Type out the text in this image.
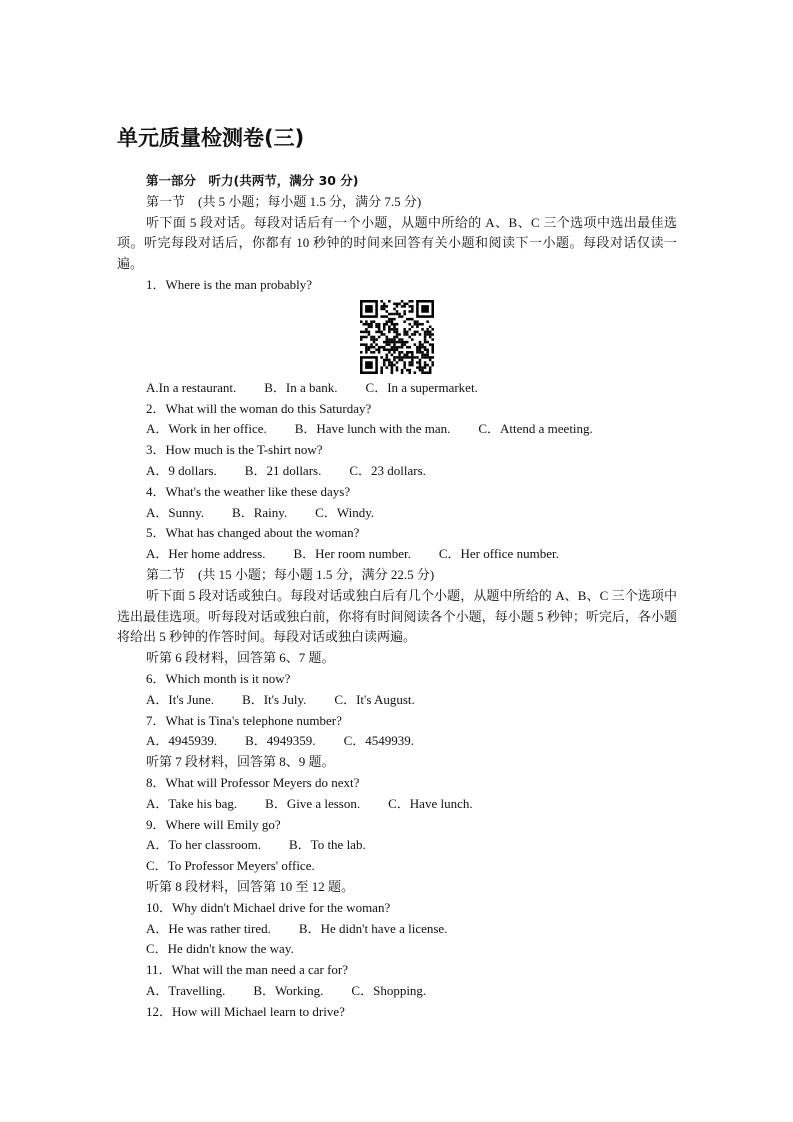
单元质量检测卷(三)
第一部分　听力(共两节，满分 30 分)
第一节　(共 5 小题；每小题 1.5 分，满分 7.5 分)
听下面 5 段对话。每段对话后有一个小题，从题中所给的 A、B、C 三个选项中选出最佳选项。听完每段对话后，你都有 10 秒钟的时间来回答有关小题和阅读下一小题。每段对话仅读一遍。
1．Where is the man probably?
A.In a restaurant. B．In a bank. C．In a supermarket.
2．What will the woman do this Saturday?
A．Work in her office. B．Have lunch with the man. C．Attend a meeting.
3．How much is the T-shirt now?
A．9 dollars. B．21 dollars. C．23 dollars.
4．What's the weather like these days?
A．Sunny. B．Rainy. C．Windy.
5．What has changed about the woman?
A．Her home address. B．Her room number. C．Her office number.
第二节　(共 15 小题；每小题 1.5 分，满分 22.5 分)
听下面 5 段对话或独白。每段对话或独白后有几个小题，从题中所给的 A、B、C 三个选项中选出最佳选项。听每段对话或独白前，你将有时间阅读各个小题，每小题 5 秒钟；听完后，各小题将给出 5 秒钟的作答时间。每段对话或独白读两遍。
听第 6 段材料，回答第 6、7 题。
6．Which month is it now?
A．It's June. B．It's July. C．It's August.
7．What is Tina's telephone number?
A．4945939. B．4949359. C．4549939.
听第 7 段材料，回答第 8、9 题。
8．What will Professor Meyers do next?
A．Take his bag. B．Give a lesson. C．Have lunch.
9．Where will Emily go?
A．To her classroom. B．To the lab.
C．To Professor Meyers' office.
听第 8 段材料，回答第 10 至 12 题。
10．Why didn't Michael drive for the woman?
A．He was rather tired. B．He didn't have a license.
C．He didn't know the way.
11．What will the man need a car for?
A．Travelling. B．Working. C．Shopping.
12．How will Michael learn to drive?
